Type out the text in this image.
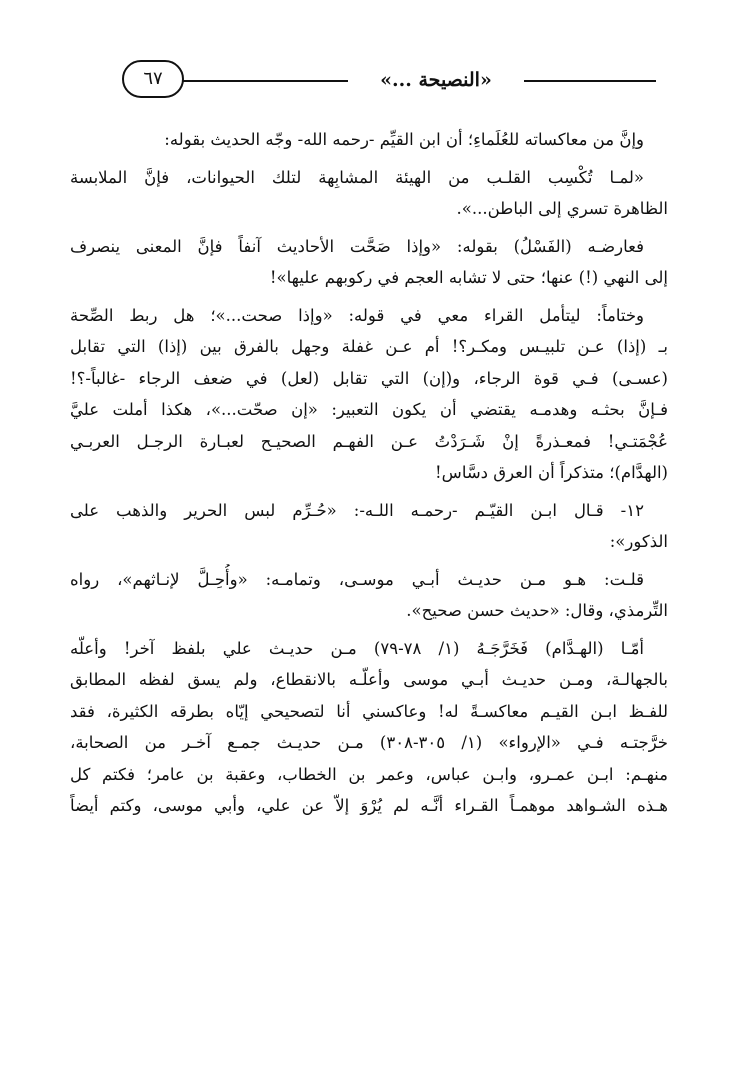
«النصيحة ...»
٦٧
وإنَّ من معاكساته للعُلَماءِ؛ أن ابن القيِّم -رحمه الله- وجّه الحديث بقوله:
«لمـا تُكْسِب القلـب من الهيئة المشابِهة لتلك الحيوانات، فإنَّ الملابسة
الظاهرة تسري إلى الباطن...».
فعارضـه (الفَسْلُ) بقوله: «وإذا صَحَّت الأحاديث آنفاً فإنَّ المعنى ينصرف
إلى النهي (!) عنها؛ حتى لا تشابه العجم في ركوبهم عليها»!
وختاماً: ليتأمل القراء معي في قوله: «وإذا صحت...»؛ هل ربط الصِّحة
بـ (إذا) عـن تلبيـس ومكـر؟! أم عـن غفلة وجهل بالفرق بين (إذا) التي تقابل
(عسـى) فـي قوة الرجاء، و(إن) التي تقابل (لعل) في ضعف الرجاء -غالباً-؟!
فـإنَّ بحثـه وهدمـه يقتضي أن يكون التعبير: «إن صحّت...»، هكذا أملت عليَّ
عُجْمَتـي! فمعـذرةً إنْ شَـرَدْتُ عـن الفهـم الصحيـح لعبـارة الرجـل العربـي
(الهدَّام)؛ متذكراً أن العرق دسَّاس!
١٢- قـال ابـن القيّـم -رحمـه اللـه-: «حُـرِّم لبس الحرير والذهب على
الذكور»:
قلـت: هـو مـن حديـث أبـي موسـى، وتمامـه: «وأُحِـلَّ لإنـاثهم»، رواه
التِّرمذي، وقال: «حديث حسن صحيح».
أمّـا (الهـدَّام) فَخَرَّجَـهُ (١/ ٧٨-٧٩) مـن حديـث علي بلفظ آخر! وأعلّه
بالجهالـة، ومـن حديـث أبـي موسى وأعلّـه بالانقطاع، ولم يسق لفظه المطابق
للفـظ ابـن القيـم معاكسـةً له! وعاكسني أنا لتصحيحي إيّاه بطرقه الكثيرة، فقد
خرَّجتـه فـي «الإرواء» (١/ ٣٠٥-٣٠٨) مـن حديـث جمـع آخـر من الصحابة،
منهـم: ابـن عمـرو، وابـن عباس، وعمر بن الخطاب، وعقبة بن عامر؛ فكتم كل
هـذه الشـواهد موهمـاً القـراء أنَّـه لم يُرْوَ إلاّ عن علي، وأبي موسى، وكتم أيضاً
